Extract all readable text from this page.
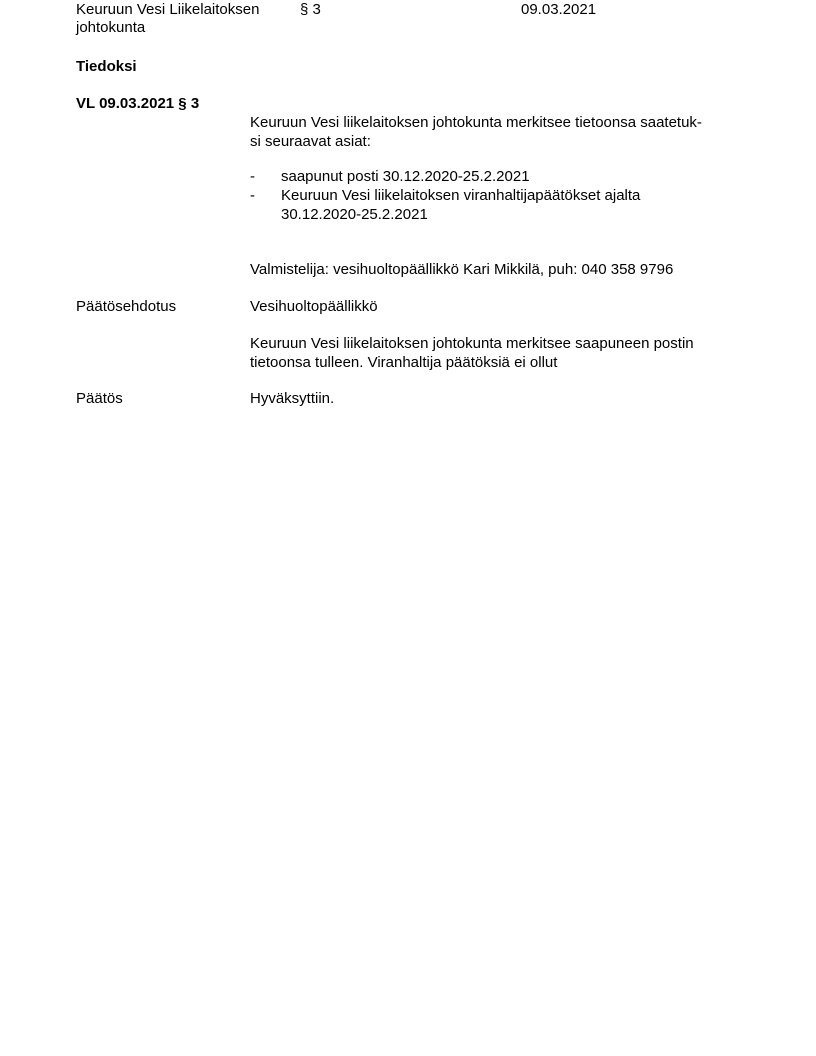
Keuruun Vesi Liikelaitoksen
johtokunta
§ 3	09.03.2021
Tiedoksi
VL 09.03.2021 § 3
Keuruun Vesi liikelaitoksen johtokunta merkitsee tietoonsa saatetuk-
si seuraavat asiat:
- saapunut posti 30.12.2020-25.2.2021
- Keuruun Vesi liikelaitoksen viranhaltijapäätökset ajalta
30.12.2020-25.2.2021
Valmistelija: vesihuoltopäällikkö Kari Mikkilä, puh: 040 358 9796
Päätösehdotus	Vesihuoltopäällikkö
Keuruun Vesi liikelaitoksen johtokunta merkitsee saapuneen postin
tietoonsa tulleen. Viranhaltija päätöksiä ei ollut
Päätös	Hyväksyttiin.
